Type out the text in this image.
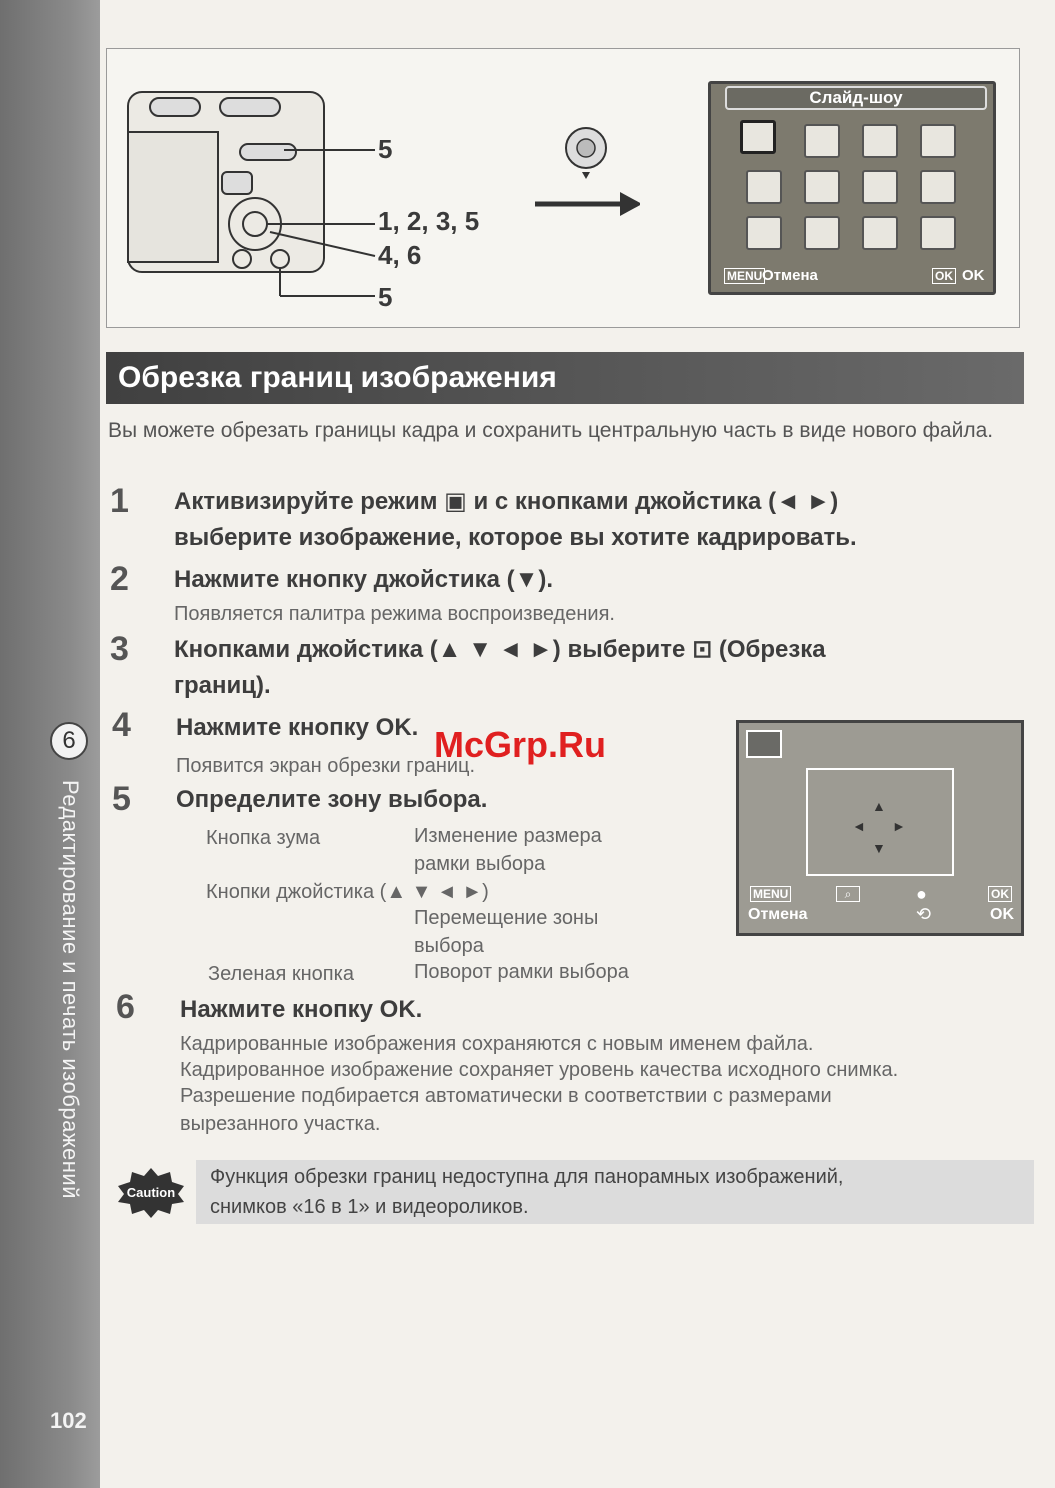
6
Редактирование и печать изображений
102
5
1, 2, 3, 5
4, 6
5
Слайд-шоу
MENU Отмена	OK OK
Обрезка границ изображения
Вы можете обрезать границы кадра и сохранить центральную часть в виде нового файла.
1 Активизируйте режим ▣ и с кнопками джойстика (◄ ►)
выберите изображение, которое вы хотите кадрировать.
2 Нажмите кнопку джойстика (▼).
Появляется палитра режима воспроизведения.
3 Кнопками джойстика (▲ ▼ ◄ ►) выберите ⊡ (Обрезка
границ).
4 Нажмите кнопку OK.
Появится экран обрезки границ.
5 Определите зону выбора.
Кнопка зума	Изменение размера
рамки выбора
Кнопки джойстика (▲ ▼ ◄ ►)
Перемещение зоны
выбора
Зеленая кнопка	Поворот рамки выбора
▲
▼
◄ ►
MENU
Отмена
⌕	●
⟲
OK
OK
6 Нажмите кнопку OK.
Кадрированные изображения сохраняются с новым именем файла.
Кадрированное изображение сохраняет уровень качества исходного снимка.
Разрешение подбирается автоматически в соответствии с размерами
вырезанного участка.
Caution
Функция обрезки границ недоступна для панорамных изображений,
снимков «16 в 1» и видеороликов.
McGrp.Ru
